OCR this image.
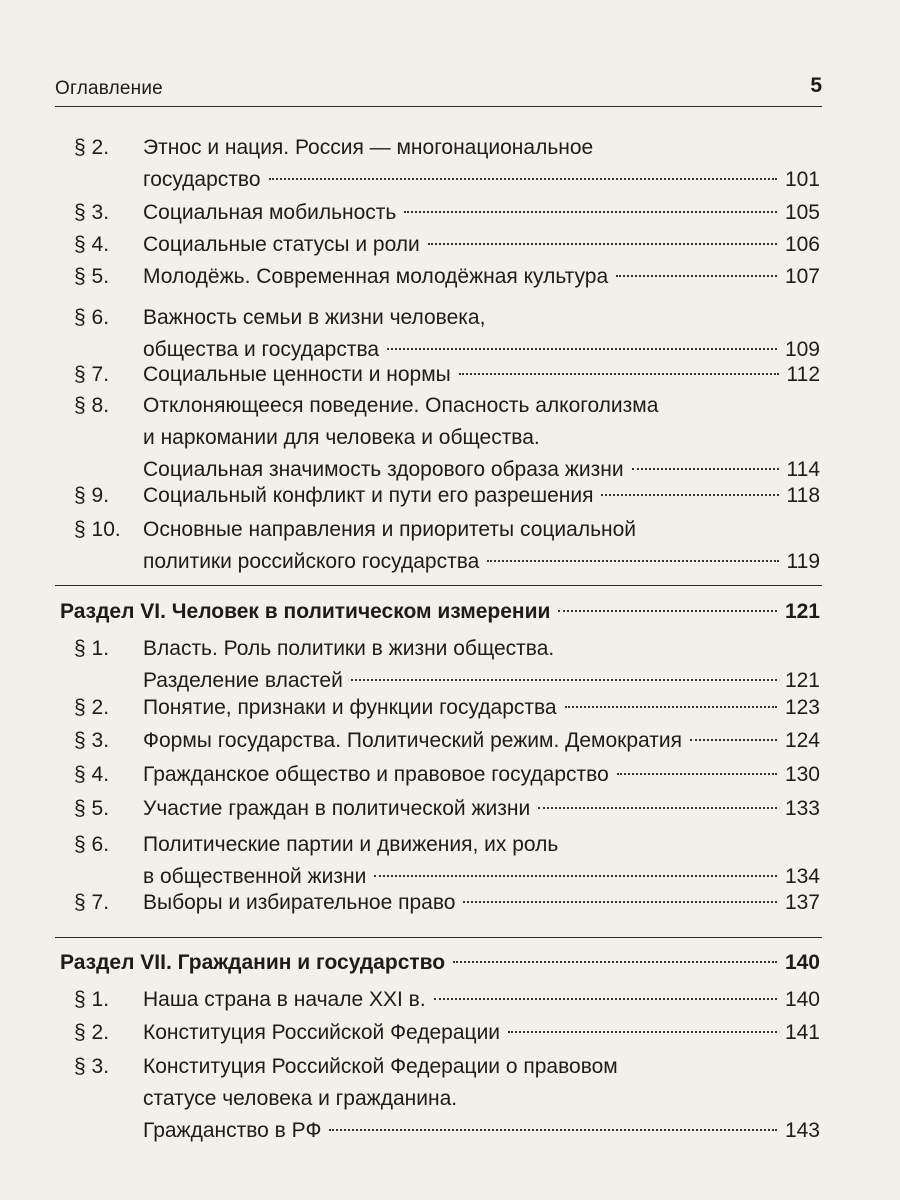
Оглавление	5
§ 2.	Этнос и нация. Россия — многонациональное
государство	101
§ 3.	Социальная мобильность	105
§ 4.	Социальные статусы и роли	106
§ 5.	Молодёжь. Современная молодёжная культура	107
§ 6.	Важность семьи в жизни человека,
общества и государства	109
§ 7.	Социальные ценности и нормы	112
§ 8.	Отклоняющееся поведение. Опасность алкоголизма
и наркомании для человека и общества.
Социальная значимость здорового образа жизни	114
§ 9.	Социальный конфликт и пути его разрешения	118
§ 10.	Основные направления и приоритеты социальной
политики российского государства	119
Раздел VI. Человек в политическом измерении	121
§ 1.	Власть. Роль политики в жизни общества.
Разделение властей	121
§ 2.	Понятие, признаки и функции государства	123
§ 3.	Формы государства. Политический режим. Демократия	124
§ 4.	Гражданское общество и правовое государство	130
§ 5.	Участие граждан в политической жизни	133
§ 6.	Политические партии и движения, их роль
в общественной жизни	134
§ 7.	Выборы и избирательное право	137
Раздел VII. Гражданин и государство	140
§ 1.	Наша страна в начале XXI в.	140
§ 2.	Конституция Российской Федерации	141
§ 3.	Конституция Российской Федерации о правовом
статусе человека и гражданина.
Гражданство в РФ	143
